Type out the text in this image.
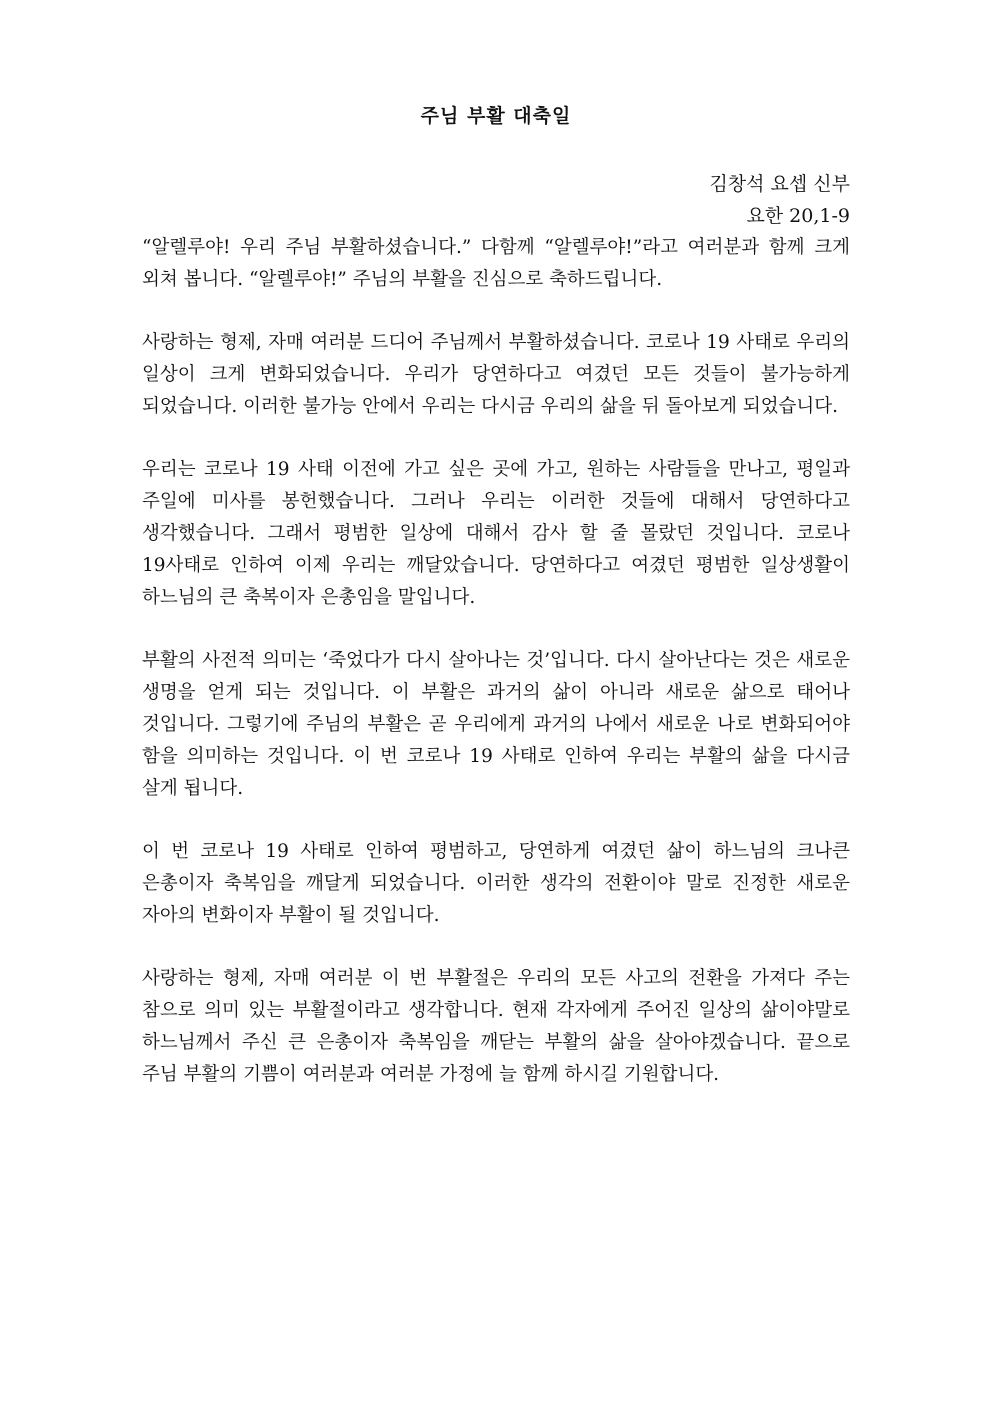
주님 부활 대축일

김창석 요셉 신부

요한 20,1-9

“알렐루야! 우리 주님 부활하셨습니다.” 다함께 “알렐루야!”라고 여러분과 함께 크게 외쳐 봅니다. “알렐루야!” 주님의 부활을 진심으로 축하드립니다.

사랑하는 형제, 자매 여러분 드디어 주님께서 부활하셨습니다. 코로나 19 사태로 우리의 일상이 크게 변화되었습니다. 우리가 당연하다고 여겼던 모든 것들이 불가능하게 되었습니다. 이러한 불가능 안에서 우리는 다시금 우리의 삶을 뒤 돌아보게 되었습니다.

우리는 코로나 19 사태 이전에 가고 싶은 곳에 가고, 원하는 사람들을 만나고, 평일과 주일에 미사를 봉헌했습니다. 그러나 우리는 이러한 것들에 대해서 당연하다고 생각했습니다. 그래서 평범한 일상에 대해서 감사 할 줄 몰랐던 것입니다. 코로나 19사태로 인하여 이제 우리는 깨달았습니다. 당연하다고 여겼던 평범한 일상생활이 하느님의 큰 축복이자 은총임을 말입니다.

부활의 사전적 의미는 ‘죽었다가 다시 살아나는 것’입니다. 다시 살아난다는 것은 새로운 생명을 얻게 되는 것입니다. 이 부활은 과거의 삶이 아니라 새로운 삶으로 태어나 것입니다. 그렇기에 주님의 부활은 곧 우리에게 과거의 나에서 새로운 나로 변화되어야 함을 의미하는 것입니다. 이 번 코로나 19 사태로 인하여 우리는 부활의 삶을 다시금 살게 됩니다.

이 번 코로나 19 사태로 인하여 평범하고, 당연하게 여겼던 삶이 하느님의 크나큰 은총이자 축복임을 깨달게 되었습니다. 이러한 생각의 전환이야 말로 진정한 새로운 자아의 변화이자 부활이 될 것입니다.

사랑하는 형제, 자매 여러분 이 번 부활절은 우리의 모든 사고의 전환을 가져다 주는 참으로 의미 있는 부활절이라고 생각합니다. 현재 각자에게 주어진 일상의 삶이야말로 하느님께서 주신 큰 은총이자 축복임을 깨닫는 부활의 삶을 살아야겠습니다. 끝으로 주님 부활의 기쁨이 여러분과 여러분 가정에 늘 함께 하시길 기원합니다.
